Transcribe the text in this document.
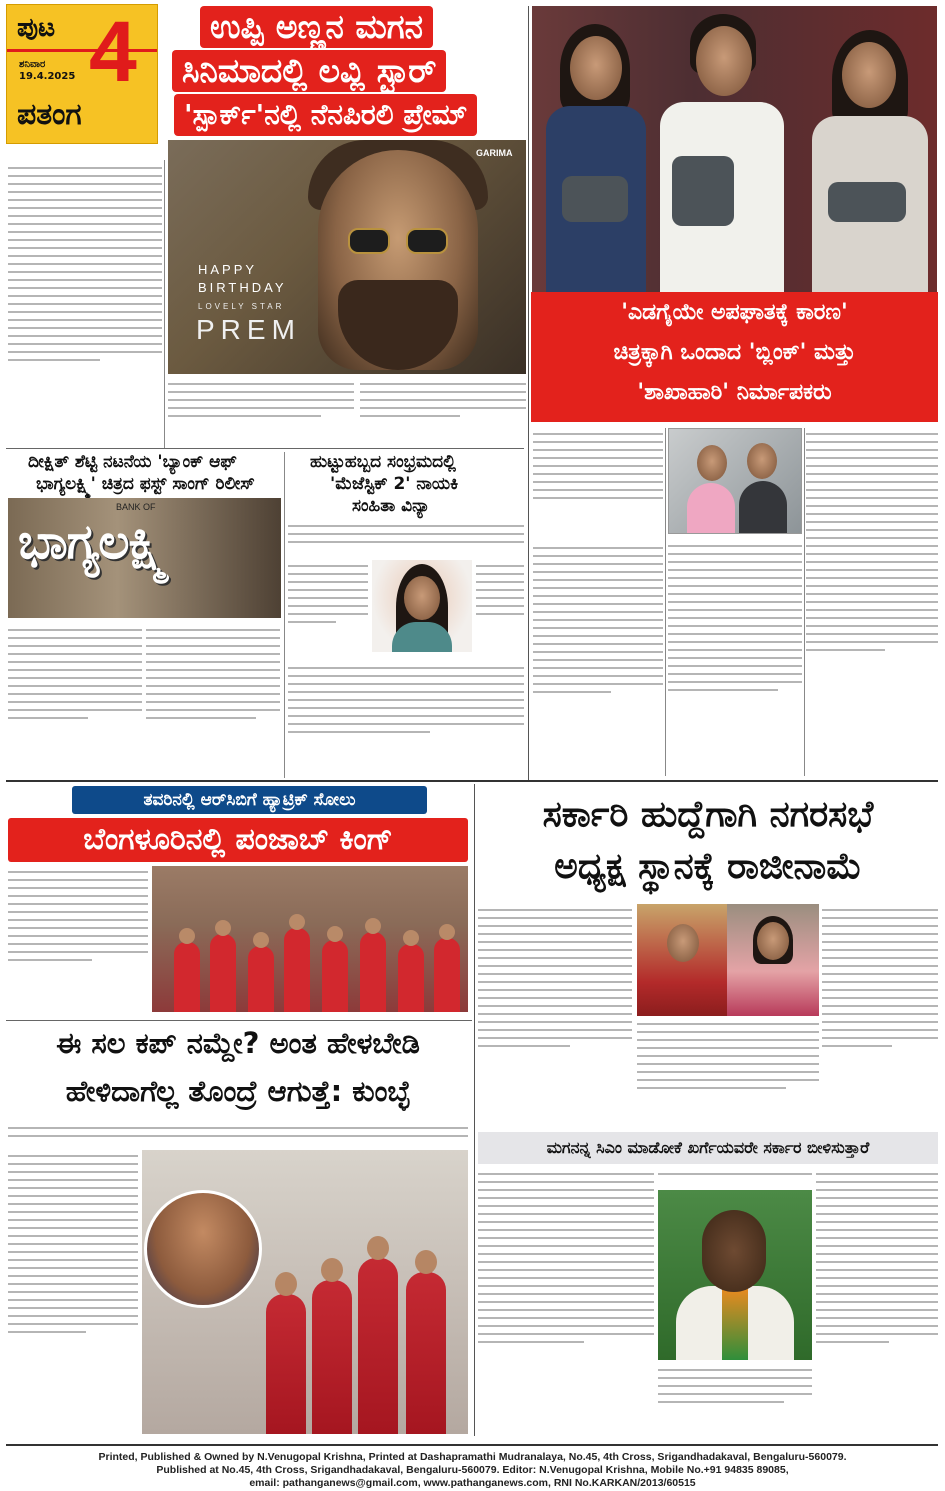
ಪುಟ
ಶನಿವಾರ
19.4.2025 4
ಪತಂಗ
ಉಪ್ಪಿ ಅಣ್ಣನ ಮಗನ
ಸಿನಿಮಾದಲ್ಲಿ ಲವ್ಲಿ ಸ್ಟಾರ್
'ಸ್ಪಾರ್ಕ್'ನಲ್ಲಿ ನೆನಪಿರಲಿ ಪ್ರೇಮ್
HAPPY
BIRTHDAY
LOVELY STAR
PREM
GARIMA
'ಎಡಗೈಯೇ ಅಪಘಾತಕ್ಕೆ ಕಾರಣ'
ಚಿತ್ರಕ್ಕಾಗಿ ಒಂದಾದ 'ಬ್ಲಿಂಕ್' ಮತ್ತು
'ಶಾಖಾಹಾರಿ' ನಿರ್ಮಾಪಕರು
ದೀಕ್ಷಿತ್ ಶೆಟ್ಟಿ ನಟನೆಯ 'ಬ್ಯಾಂಕ್ ಆಫ್
ಭಾಗ್ಯಲಕ್ಷ್ಮಿ' ಚಿತ್ರದ ಫಸ್ಟ್ ಸಾಂಗ್ ರಿಲೀಸ್
BANK OF
ಭಾಗ್ಯಲಕ್ಷ್ಮಿ
ಹುಟ್ಟುಹಬ್ಬದ ಸಂಭ್ರಮದಲ್ಲಿ
'ಮೆಜೆಸ್ಟಿಕ್ 2' ನಾಯಕಿ
ಸಂಹಿತಾ ವಿನ್ಯಾ
ತವರಿನಲ್ಲಿ ಆರ್‌ಸಿಬಿಗೆ ಹ್ಯಾಟ್ರಿಕ್ ಸೋಲು
ಬೆಂಗಳೂರಿನಲ್ಲಿ ಪಂಜಾಬ್ ಕಿಂಗ್
ಸರ್ಕಾರಿ ಹುದ್ದೆಗಾಗಿ ನಗರಸಭೆ
ಅಧ್ಯಕ್ಷ ಸ್ಥಾನಕ್ಕೆ ರಾಜೀನಾಮೆ
ಈ ಸಲ ಕಪ್ ನಮ್ದೇ? ಅಂತ ಹೇಳಬೇಡಿ
ಹೇಳಿದಾಗೆಲ್ಲ ತೊಂದ್ರೆ ಆಗುತ್ತೆ: ಕುಂಬ್ಳೆ
ಮಗನನ್ನ ಸಿಎಂ ಮಾಡೋಕೆ ಖರ್ಗೆಯವರೇ ಸರ್ಕಾರ ಬೀಳಿಸುತ್ತಾರೆ
Printed, Published & Owned by N.Venugopal Krishna, Printed at Dashapramathi Mudranalaya, No.45, 4th Cross, Srigandhadakaval, Bengaluru-560079.
Published at No.45, 4th Cross, Srigandhadakaval, Bengaluru-560079. Editor: N.Venugopal Krishna, Mobile No.+91 94835 89085,
email: pathanganews@gmail.com, www.pathanganews.com, RNI No.KARKAN/2013/60515
